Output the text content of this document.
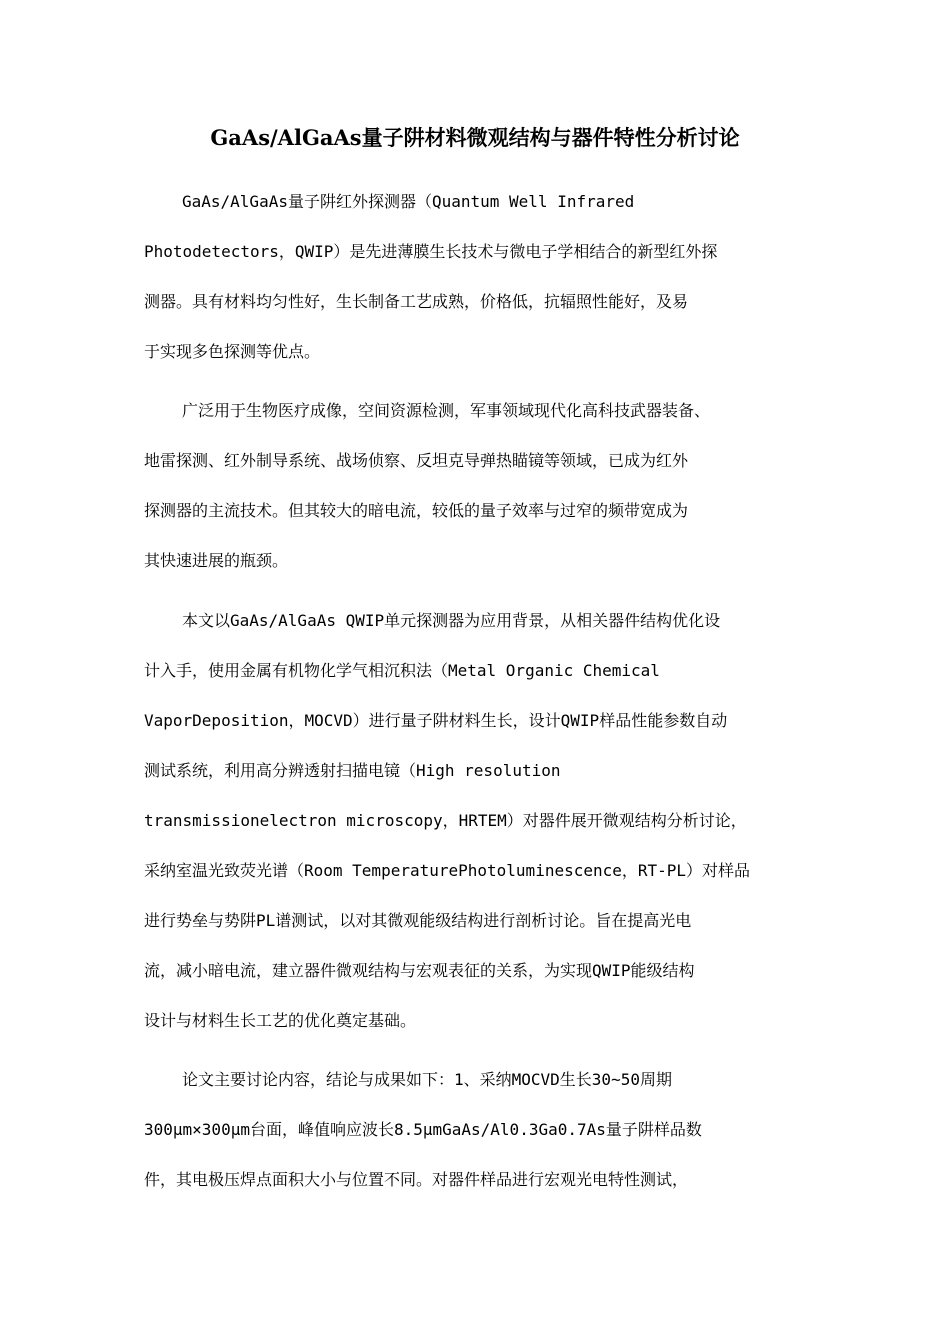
GaAs/AlGaAs量子阱材料微观结构与器件特性分析讨论
GaAs/AlGaAs量子阱红外探测器（Quantum Well Infrared
Photodetectors，QWIP）是先进薄膜生长技术与微电子学相结合的新型红外探
测器。具有材料均匀性好，生长制备工艺成熟，价格低，抗辐照性能好，及易
于实现多色探测等优点。
广泛用于生物医疗成像，空间资源检测，军事领域现代化高科技武器装备、
地雷探测、红外制导系统、战场侦察、反坦克导弹热瞄镜等领域，已成为红外
探测器的主流技术。但其较大的暗电流，较低的量子效率与过窄的频带宽成为
其快速进展的瓶颈。
本文以GaAs/AlGaAs QWIP单元探测器为应用背景，从相关器件结构优化设
计入手，使用金属有机物化学气相沉积法（Metal Organic Chemical
VaporDeposition，MOCVD）进行量子阱材料生长，设计QWIP样品性能参数自动
测试系统，利用高分辨透射扫描电镜（High resolution
transmissionelectron microscopy，HRTEM）对器件展开微观结构分析讨论，
采纳室温光致荧光谱（Room TemperaturePhotoluminescence，RT-PL）对样品
进行势垒与势阱PL谱测试，以对其微观能级结构进行剖析讨论。旨在提高光电
流，减小暗电流，建立器件微观结构与宏观表征的关系，为实现QWIP能级结构
设计与材料生长工艺的优化奠定基础。
论文主要讨论内容，结论与成果如下：1、采纳MOCVD生长30~50周期
300μm×300μm台面，峰值响应波长8.5μmGaAs/Al0.3Ga0.7As量子阱样品数
件，其电极压焊点面积大小与位置不同。对器件样品进行宏观光电特性测试，
